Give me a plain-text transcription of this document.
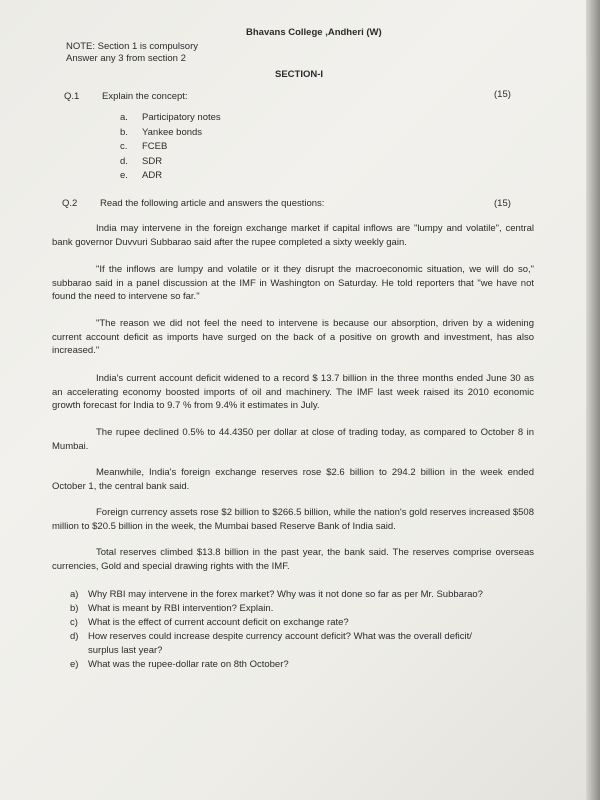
Bhavans College ,Andheri (W)
NOTE: Section 1 is compulsory
Answer any 3 from section 2
SECTION-I
Q.1 Explain the concept:	(15)
a.	Participatory notes
b.	Yankee bonds
c.	FCEB
d.	SDR
e.	ADR
Q.2 Read the following article and answers the questions:	(15)
India may intervene in the foreign exchange market if capital inflows are "lumpy and volatile", central bank governor Duvvuri Subbarao said after the rupee completed a sixty weekly gain.
"If the inflows are lumpy and volatile or it they disrupt the macroeconomic situation, we will do so," subbarao said in a panel discussion at the IMF in Washington on Saturday. He told reporters that "we have not found the need to intervene so far."
"The reason we did not feel the need to intervene is because our absorption, driven by a widening current account deficit as imports have surged on the back of a positive on growth and investment, has also increased."
India's current account deficit widened to a record $ 13.7 billion in the three months ended June 30 as an accelerating economy boosted imports of oil and machinery. The IMF last week raised its 2010 economic growth forecast for India to 9.7 % from 9.4% it estimates in July.
The rupee declined 0.5% to 44.4350 per dollar at close of trading today, as compared to October 8 in Mumbai.
Meanwhile, India's foreign exchange reserves rose $2.6 billion to 294.2 billion in the week ended October 1, the central bank said.
Foreign currency assets rose $2 billion to $266.5 billion, while the nation's gold reserves increased $508 million to $20.5 billion in the week, the Mumbai based Reserve Bank of India said.
Total reserves climbed $13.8 billion in the past year, the bank said. The reserves comprise overseas currencies, Gold and special drawing rights with the IMF.
a) Why RBI may intervene in the forex market? Why was it not done so far as per Mr. Subbarao?
b) What is meant by RBI intervention? Explain.
c) What is the effect of current account deficit on exchange rate?
d) How reserves could increase despite currency account deficit? What was the overall deficit/
surplus last year?
e) What was the rupee-dollar rate on 8th October?
